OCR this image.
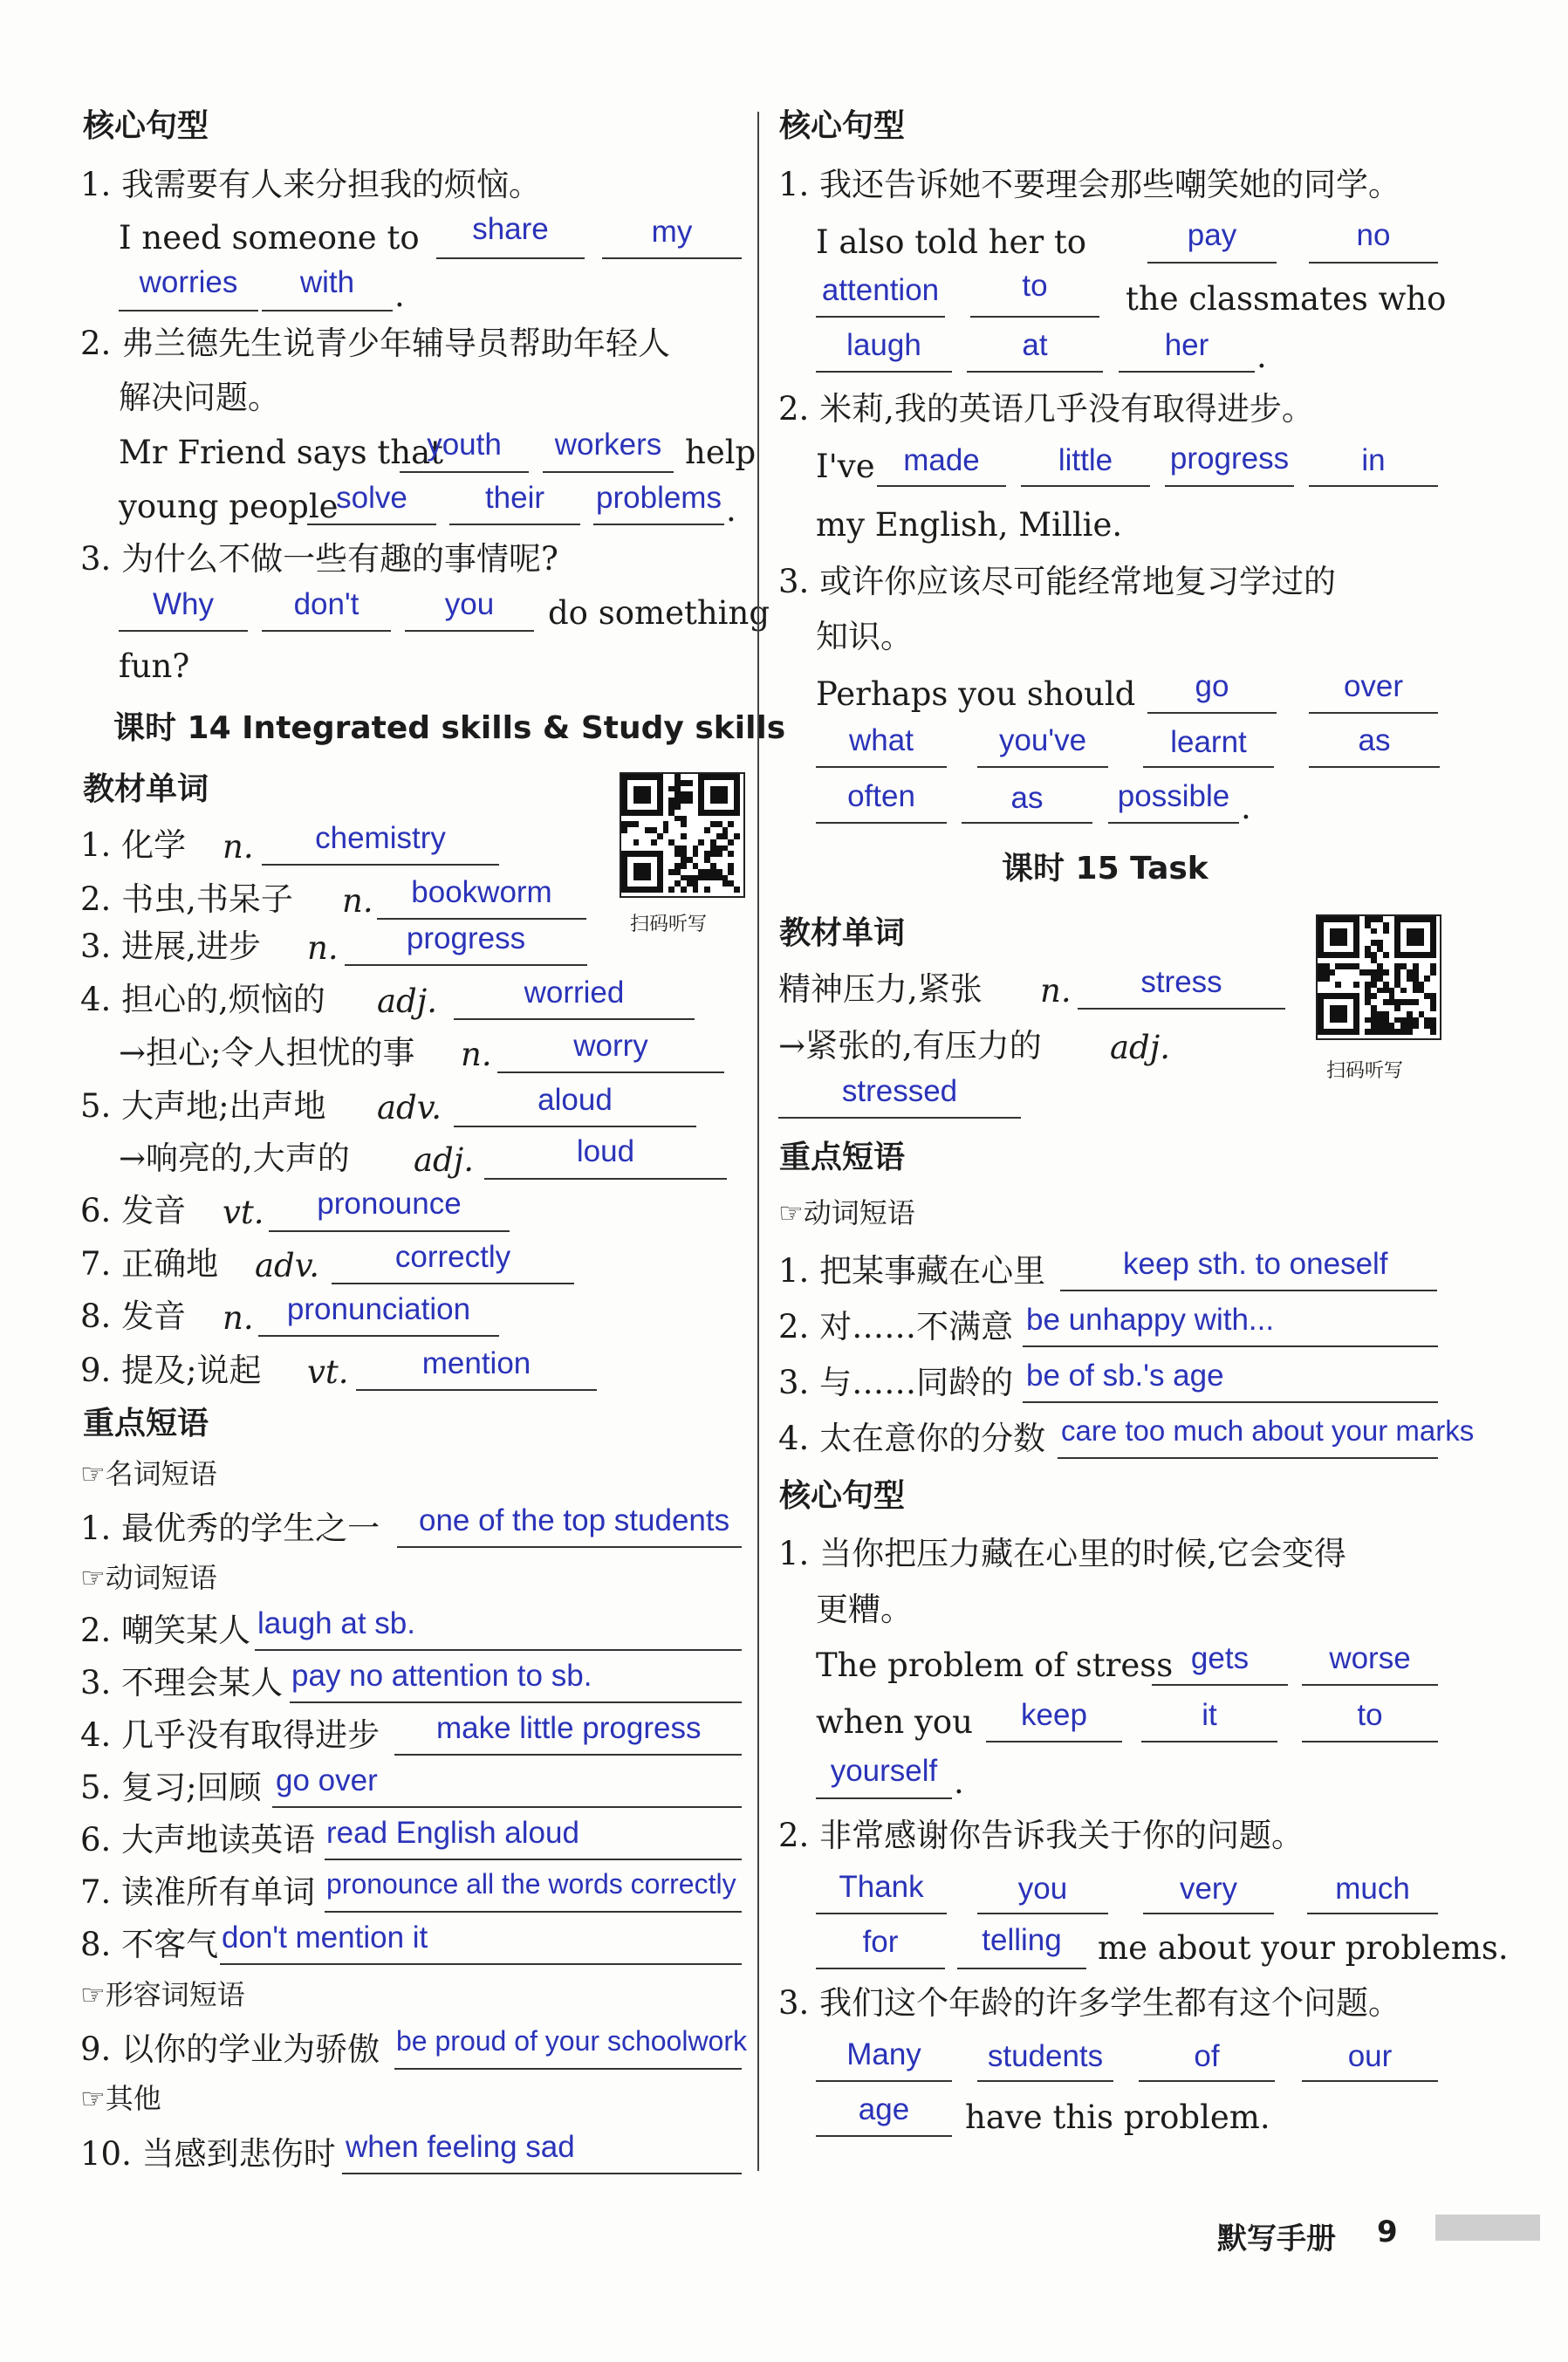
核心句型
1. 我需要有人来分担我的烦恼。
I need someone to	share	my
worries	with	.
2. 弗兰德先生说青少年辅导员帮助年轻人
解决问题。
Mr Friend says that
youth	workers help
young people
solve	their	problems .
3. 为什么不做一些有趣的事情呢?
Why	don't	you	do something
fun?
课时 14 Integrated skills & Study skills
教材单词
扫码听写
1. 化学 n.	chemistry
2. 书虫,书呆子 n.	bookworm
3. 进展,进步 n.	progress
4. 担心的,烦恼的 adj.	worried
→担心;令人担忧的事 n.	worry
5. 大声地;出声地 adv.	aloud
→响亮的,大声的 adj.	loud
6. 发音 vt.	pronounce
7. 正确地 adv.	correctly
8. 发音 n.	pronunciation
9. 提及;说起 vt.	mention
重点短语
☞名词短语
1. 最优秀的学生之一 one of the top students
☞动词短语
2. 嘲笑某人 laugh at sb.
3. 不理会某人 pay no attention to sb.
4. 几乎没有取得进步 make little progress
5. 复习;回顾 go over
6. 大声地读英语 read English aloud
7. 读准所有单词 pronounce all the words correctly
8. 不客气 don't mention it
☞形容词短语
9. 以你的学业为骄傲 be proud of your schoolwork
☞其他
10. 当感到悲伤时 when feeling sad
核心句型
1. 我还告诉她不要理会那些嘲笑她的同学。
I also told her to	pay	no
attention	to	the classmates who
laugh	at	her	.
2. 米莉,我的英语几乎没有取得进步。
I've made	little	progress	in
my English, Millie.
3. 或许你应该尽可能经常地复习学过的
知识。
Perhaps you should	go	over
what	you've	learnt	as
often	as	possible .
课时 15 Task
教材单词
扫码听写
精神压力,紧张 n.	stress
→紧张的,有压力的 adj.
stressed
重点短语
☞动词短语
1. 把某事藏在心里	keep sth. to oneself
2. 对……不满意 be unhappy with...
3. 与……同龄的 be of sb.'s age
4. 太在意你的分数 care too much about your marks
核心句型
1. 当你把压力藏在心里的时候,它会变得
更糟。
The problem of stress gets	worse
when you	keep	it	to
yourself .
2. 非常感谢你告诉我关于你的问题。
Thank	you	very	much
for	telling	me about your problems.
3. 我们这个年龄的许多学生都有这个问题。
Many	students	of	our
age	have this problem.
默写手册 9
